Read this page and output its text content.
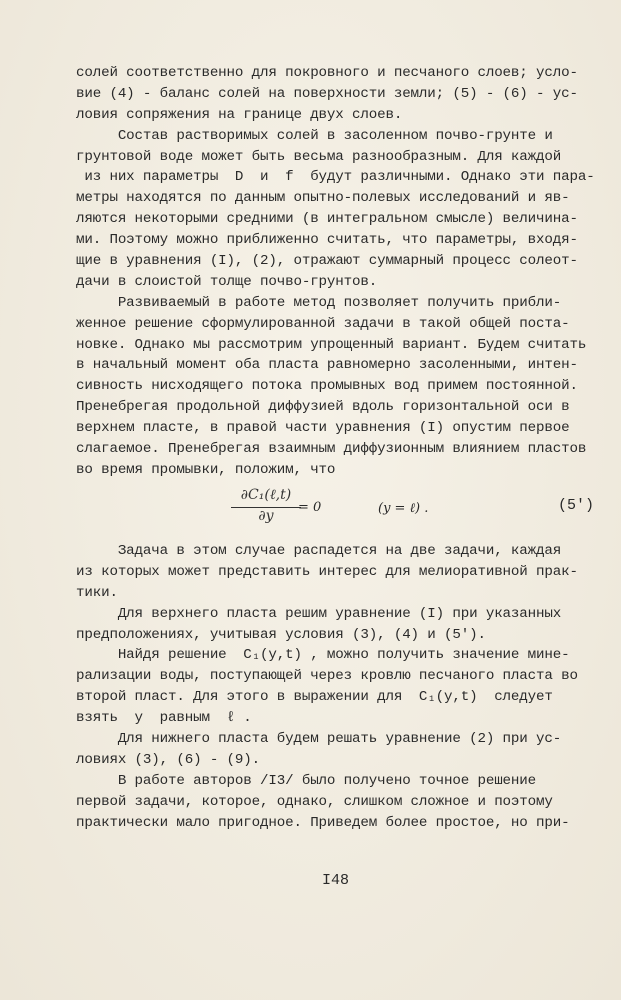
солей соответственно для покровного и песчаного слоев; усло-
вие (4) - баланс солей на поверхности земли; (5) - (6) - ус-
ловия сопряжения на границе двух слоев.
Состав растворимых солей в засоленном почво-грунте и
грунтовой воде может быть весьма разнообразным. Для каждой
из них параметры  D  и  f  будут различными. Однако эти пара-
метры находятся по данным опытно-полевых исследований и яв-
ляются некоторыми средними (в интегральном смысле) величина-
ми. Поэтому можно приближенно считать, что параметры, входя-
щие в уравнения (I), (2), отражают суммарный процесс солеот-
дачи в слоистой толще почво-грунтов.
Развиваемый в работе метод позволяет получить прибли-
женное решение сформулированной задачи в такой общей поста-
новке. Однако мы рассмотрим упрощенный вариант. Будем считать
в начальный момент оба пласта равномерно засоленными, интен-
сивность нисходящего потока промывных вод примем постоянной.
Пренебрегая продольной диффузией вдоль горизонтальной оси в
верхнем пласте, в правой части уравнения (I) опустим первое
слагаемое. Пренебрегая взаимным диффузионным влиянием пластов
во время промывки, положим, что
∂C₁(ℓ,t)
∂y
= 0	(y = ℓ) .	(5')
Задача в этом случае распадется на две задачи, каждая
из которых может представить интерес для мелиоративной прак-
тики.
Для верхнего пласта решим уравнение (I) при указанных
предположениях, учитывая условия (3), (4) и (5').
Найдя решение  C₁(y,t) , можно получить значение мине-
рализации воды, поступающей через кровлю песчаного пласта во
второй пласт. Для этого в выражении для  C₁(y,t)  следует
взять  y  равным  ℓ .
Для нижнего пласта будем решать уравнение (2) при ус-
ловиях (3), (6) - (9).
В работе авторов /I3/ было получено точное решение
первой задачи, которое, однако, слишком сложное и поэтому
практически мало пригодное. Приведем более простое, но при-
I48
